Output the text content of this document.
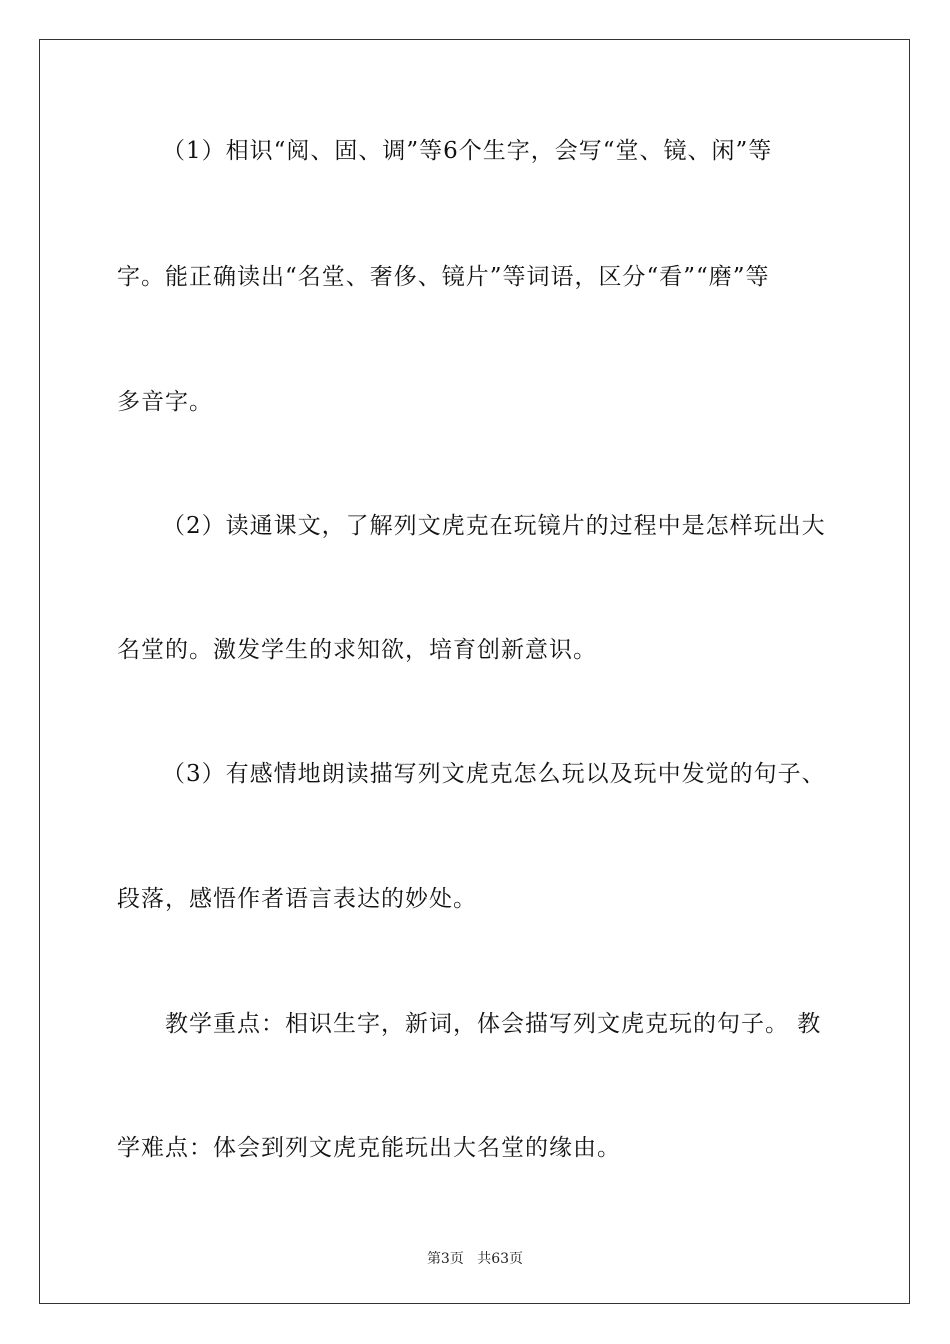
（1）相识“阅、固、调”等6个生字，会写“堂、镜、闲”等
字。能正确读出“名堂、奢侈、镜片”等词语，区分“看”“磨”等
多音字。
（2）读通课文，了解列文虎克在玩镜片的过程中是怎样玩出大
名堂的。激发学生的求知欲，培育创新意识。
（3）有感情地朗读描写列文虎克怎么玩以及玩中发觉的句子、
段落，感悟作者语言表达的妙处。
教学重点：相识生字，新词，体会描写列文虎克玩的句子。 教
学难点：体会到列文虎克能玩出大名堂的缘由。
第3页 共63页
